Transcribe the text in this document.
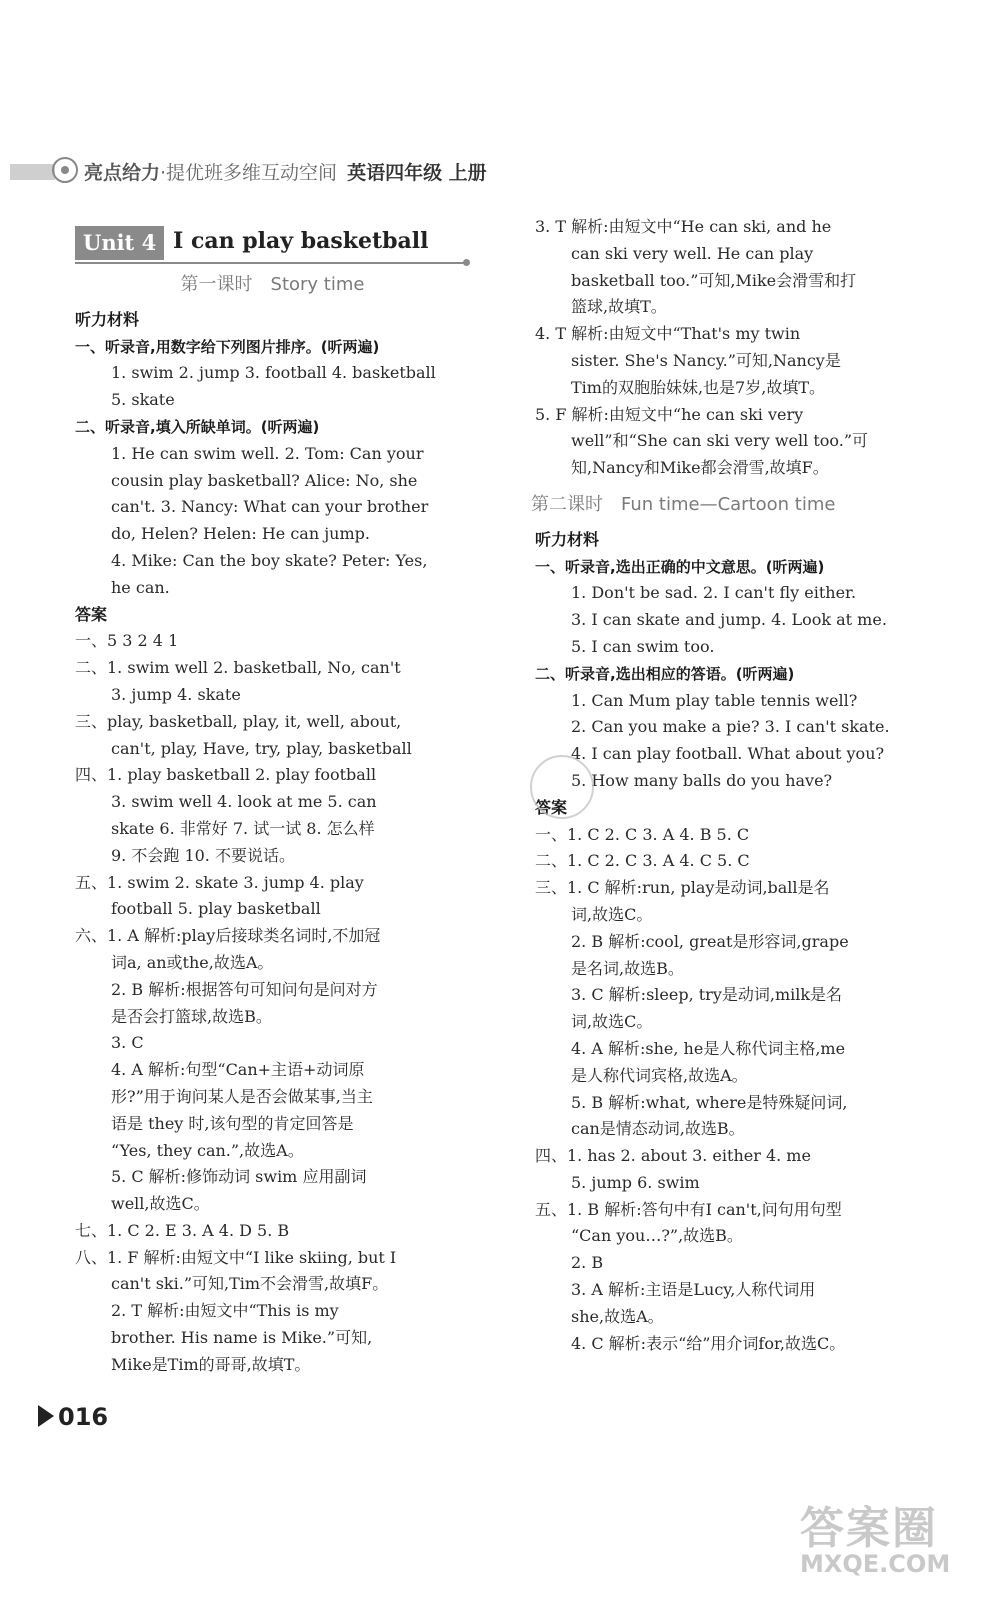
亮点给力·提优班多维互动空间 英语四年级 上册
Unit 4 I can play basketball
第一课时 Story time

听力材料

一、听录音,用数字给下列图片排序。(听两遍)

1. swim 2. jump 3. football 4. basketball

5. skate

二、听录音,填入所缺单词。(听两遍)

1. He can swim well. 2. Tom: Can your

cousin play basketball? Alice: No, she

can't. 3. Nancy: What can your brother

do, Helen? Helen: He can jump.

4. Mike: Can the boy skate? Peter: Yes,

he can.

答案

一、5 3 2 4 1

二、1. swim well 2. basketball, No, can't

3. jump 4. skate

三、play, basketball, play, it, well, about,

can't, play, Have, try, play, basketball

四、1. play basketball 2. play football

3. swim well 4. look at me 5. can

skate 6. 非常好 7. 试一试 8. 怎么样

9. 不会跑 10. 不要说话。

五、1. swim 2. skate 3. jump 4. play

football 5. play basketball

六、1. A 解析:play后接球类名词时,不加冠

词a, an或the,故选A。

2. B 解析:根据答句可知问句是问对方

是否会打篮球,故选B。

3. C

4. A 解析:句型“Can+主语+动词原

形?”用于询问某人是否会做某事,当主

语是 they 时,该句型的肯定回答是

“Yes, they can.”,故选A。

5. C 解析:修饰动词 swim 应用副词

well,故选C。

七、1. C 2. E 3. A 4. D 5. B

八、1. F 解析:由短文中“I like skiing, but I

can't ski.”可知,Tim不会滑雪,故填F。

2. T 解析:由短文中“This is my

brother. His name is Mike.”可知,

Mike是Tim的哥哥,故填T。

3. T 解析:由短文中“He can ski, and he

can ski very well. He can play

basketball too.”可知,Mike会滑雪和打

篮球,故填T。

4. T 解析:由短文中“That's my twin

sister. She's Nancy.”可知,Nancy是

Tim的双胞胎妹妹,也是7岁,故填T。

5. F 解析:由短文中“he can ski very

well”和“She can ski very well too.”可

知,Nancy和Mike都会滑雪,故填F。

第二课时 Fun time—Cartoon time

听力材料

一、听录音,选出正确的中文意思。(听两遍)

1. Don't be sad. 2. I can't fly either.

3. I can skate and jump. 4. Look at me.

5. I can swim too.

二、听录音,选出相应的答语。(听两遍)

1. Can Mum play table tennis well?

2. Can you make a pie? 3. I can't skate.

4. I can play football. What about you?

5. How many balls do you have?

答案

一、1. C 2. C 3. A 4. B 5. C

二、1. C 2. C 3. A 4. C 5. C

三、1. C 解析:run, play是动词,ball是名

词,故选C。

2. B 解析:cool, great是形容词,grape

是名词,故选B。

3. C 解析:sleep, try是动词,milk是名

词,故选C。

4. A 解析:she, he是人称代词主格,me

是人称代词宾格,故选A。

5. B 解析:what, where是特殊疑问词,

can是情态动词,故选B。

四、1. has 2. about 3. either 4. me

5. jump 6. swim

五、1. B 解析:答句中有I can't,问句用句型

“Can you…?”,故选B。

2. B

3. A 解析:主语是Lucy,人称代词用

she,故选A。

4. C 解析:表示“给”用介词for,故选C。

016
答案圈
MXQE.COM
